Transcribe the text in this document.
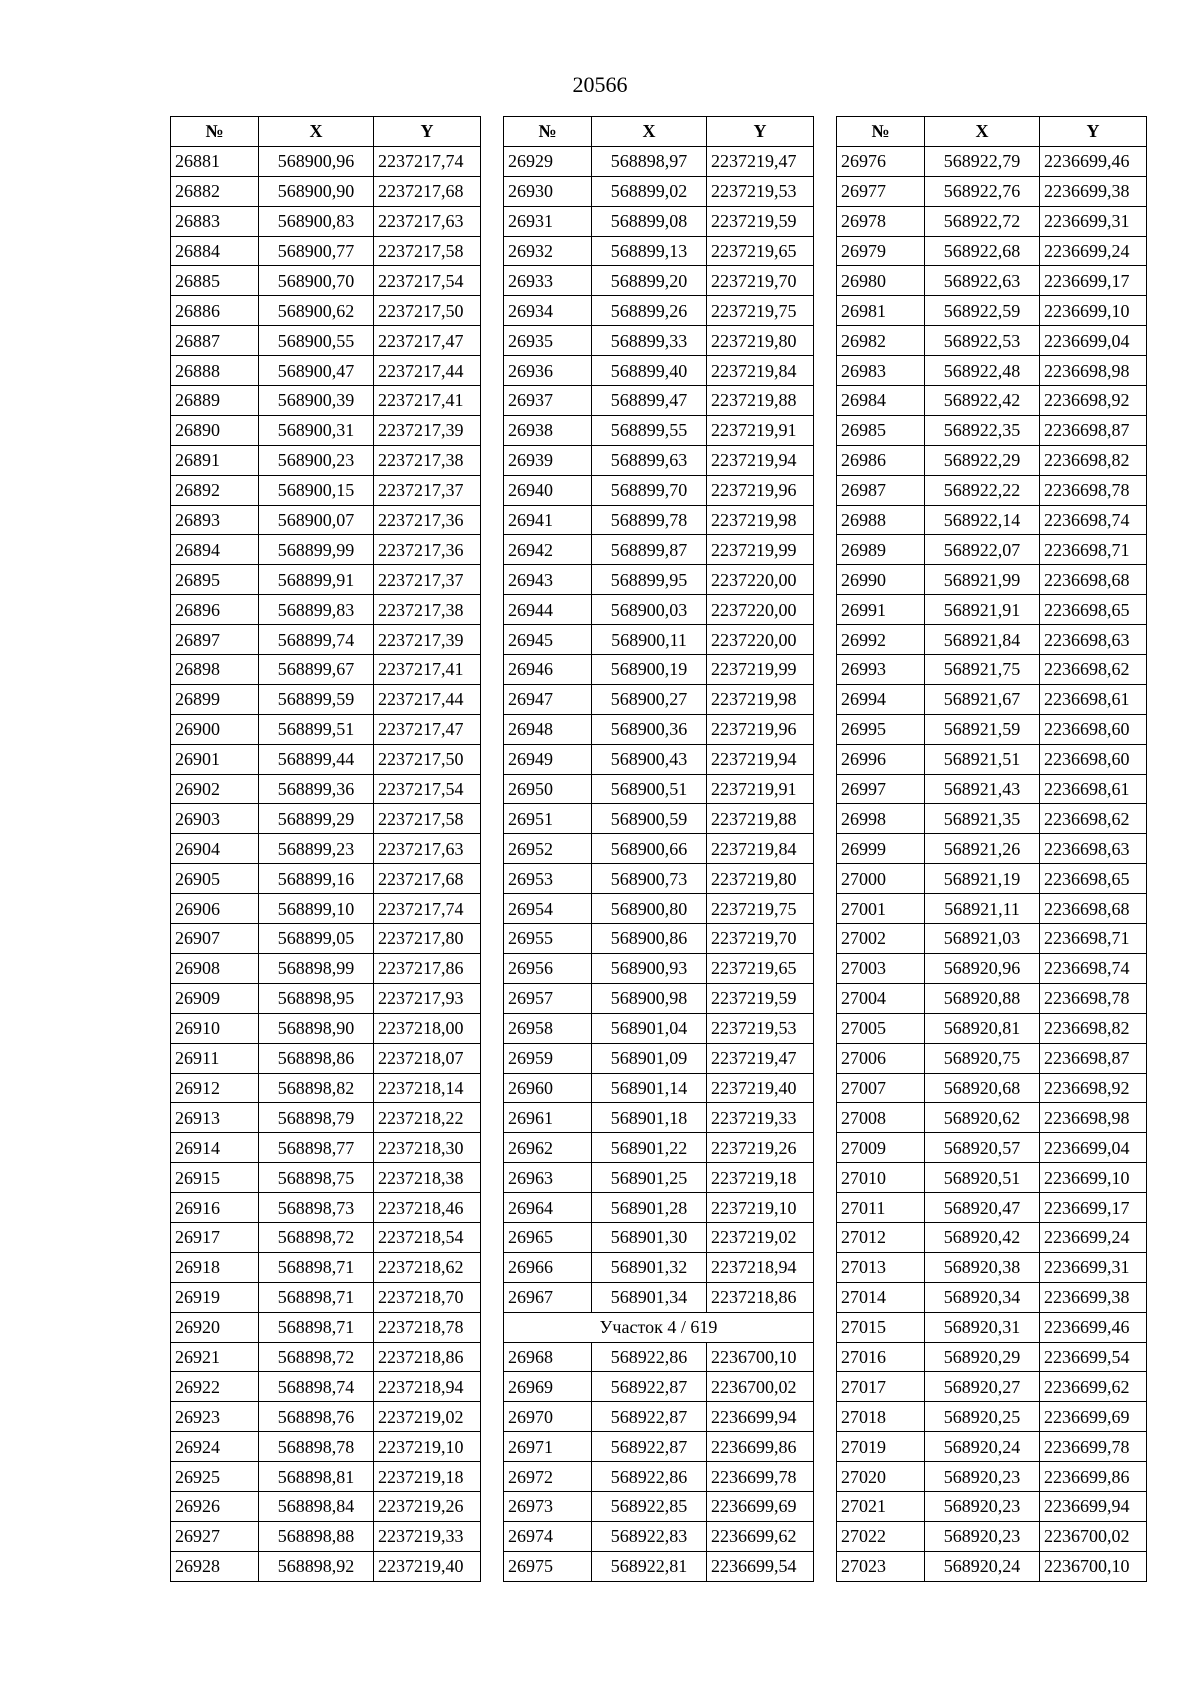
20566
№	X	Y
26881	568900,96	2237217,74
26882	568900,90	2237217,68
26883	568900,83	2237217,63
26884	568900,77	2237217,58
26885	568900,70	2237217,54
26886	568900,62	2237217,50
26887	568900,55	2237217,47
26888	568900,47	2237217,44
26889	568900,39	2237217,41
26890	568900,31	2237217,39
26891	568900,23	2237217,38
26892	568900,15	2237217,37
26893	568900,07	2237217,36
26894	568899,99	2237217,36
26895	568899,91	2237217,37
26896	568899,83	2237217,38
26897	568899,74	2237217,39
26898	568899,67	2237217,41
26899	568899,59	2237217,44
26900	568899,51	2237217,47
26901	568899,44	2237217,50
26902	568899,36	2237217,54
26903	568899,29	2237217,58
26904	568899,23	2237217,63
26905	568899,16	2237217,68
26906	568899,10	2237217,74
26907	568899,05	2237217,80
26908	568898,99	2237217,86
26909	568898,95	2237217,93
26910	568898,90	2237218,00
26911	568898,86	2237218,07
26912	568898,82	2237218,14
26913	568898,79	2237218,22
26914	568898,77	2237218,30
26915	568898,75	2237218,38
26916	568898,73	2237218,46
26917	568898,72	2237218,54
26918	568898,71	2237218,62
26919	568898,71	2237218,70
26920	568898,71	2237218,78
26921	568898,72	2237218,86
26922	568898,74	2237218,94
26923	568898,76	2237219,02
26924	568898,78	2237219,10
26925	568898,81	2237219,18
26926	568898,84	2237219,26
26927	568898,88	2237219,33
26928	568898,92	2237219,40
№	X	Y
26929	568898,97	2237219,47
26930	568899,02	2237219,53
26931	568899,08	2237219,59
26932	568899,13	2237219,65
26933	568899,20	2237219,70
26934	568899,26	2237219,75
26935	568899,33	2237219,80
26936	568899,40	2237219,84
26937	568899,47	2237219,88
26938	568899,55	2237219,91
26939	568899,63	2237219,94
26940	568899,70	2237219,96
26941	568899,78	2237219,98
26942	568899,87	2237219,99
26943	568899,95	2237220,00
26944	568900,03	2237220,00
26945	568900,11	2237220,00
26946	568900,19	2237219,99
26947	568900,27	2237219,98
26948	568900,36	2237219,96
26949	568900,43	2237219,94
26950	568900,51	2237219,91
26951	568900,59	2237219,88
26952	568900,66	2237219,84
26953	568900,73	2237219,80
26954	568900,80	2237219,75
26955	568900,86	2237219,70
26956	568900,93	2237219,65
26957	568900,98	2237219,59
26958	568901,04	2237219,53
26959	568901,09	2237219,47
26960	568901,14	2237219,40
26961	568901,18	2237219,33
26962	568901,22	2237219,26
26963	568901,25	2237219,18
26964	568901,28	2237219,10
26965	568901,30	2237219,02
26966	568901,32	2237218,94
26967	568901,34	2237218,86
Участок 4 / 619		
26968	568922,86	2236700,10
26969	568922,87	2236700,02
26970	568922,87	2236699,94
26971	568922,87	2236699,86
26972	568922,86	2236699,78
26973	568922,85	2236699,69
26974	568922,83	2236699,62
26975	568922,81	2236699,54
№	X	Y
26976	568922,79	2236699,46
26977	568922,76	2236699,38
26978	568922,72	2236699,31
26979	568922,68	2236699,24
26980	568922,63	2236699,17
26981	568922,59	2236699,10
26982	568922,53	2236699,04
26983	568922,48	2236698,98
26984	568922,42	2236698,92
26985	568922,35	2236698,87
26986	568922,29	2236698,82
26987	568922,22	2236698,78
26988	568922,14	2236698,74
26989	568922,07	2236698,71
26990	568921,99	2236698,68
26991	568921,91	2236698,65
26992	568921,84	2236698,63
26993	568921,75	2236698,62
26994	568921,67	2236698,61
26995	568921,59	2236698,60
26996	568921,51	2236698,60
26997	568921,43	2236698,61
26998	568921,35	2236698,62
26999	568921,26	2236698,63
27000	568921,19	2236698,65
27001	568921,11	2236698,68
27002	568921,03	2236698,71
27003	568920,96	2236698,74
27004	568920,88	2236698,78
27005	568920,81	2236698,82
27006	568920,75	2236698,87
27007	568920,68	2236698,92
27008	568920,62	2236698,98
27009	568920,57	2236699,04
27010	568920,51	2236699,10
27011	568920,47	2236699,17
27012	568920,42	2236699,24
27013	568920,38	2236699,31
27014	568920,34	2236699,38
27015	568920,31	2236699,46
27016	568920,29	2236699,54
27017	568920,27	2236699,62
27018	568920,25	2236699,69
27019	568920,24	2236699,78
27020	568920,23	2236699,86
27021	568920,23	2236699,94
27022	568920,23	2236700,02
27023	568920,24	2236700,10
